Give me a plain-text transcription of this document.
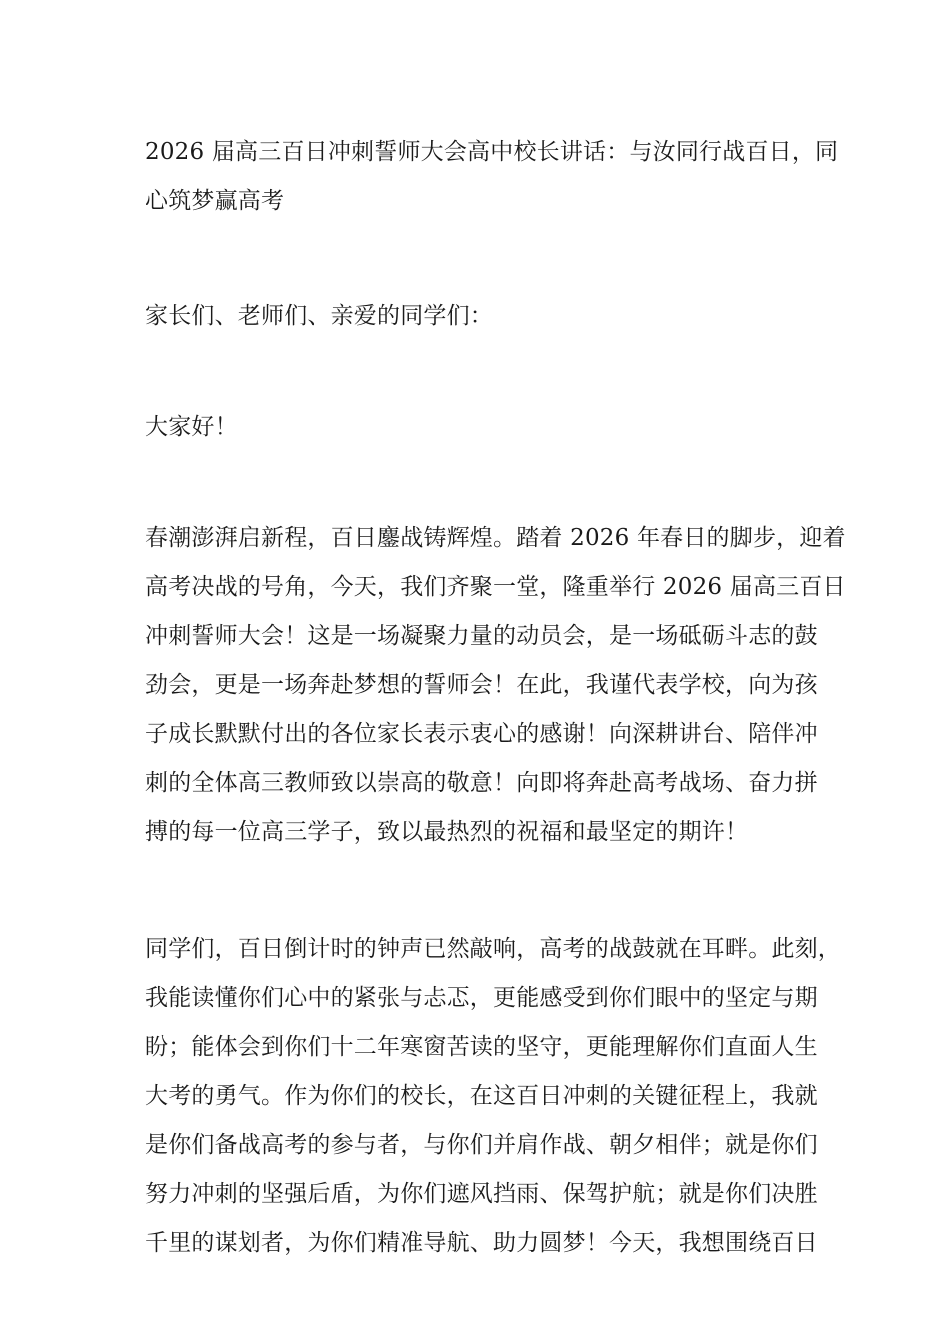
2026 届高三百日冲刺誓师大会高中校长讲话：与汝同行战百日，同
心筑梦赢高考
家长们、老师们、亲爱的同学们：
大家好！
春潮澎湃启新程，百日鏖战铸辉煌。踏着 2026 年春日的脚步，迎着
高考决战的号角，今天，我们齐聚一堂，隆重举行 2026 届高三百日
冲刺誓师大会！这是一场凝聚力量的动员会，是一场砥砺斗志的鼓
劲会，更是一场奔赴梦想的誓师会！在此，我谨代表学校，向为孩
子成长默默付出的各位家长表示衷心的感谢！向深耕讲台、陪伴冲
刺的全体高三教师致以崇高的敬意！向即将奔赴高考战场、奋力拼
搏的每一位高三学子，致以最热烈的祝福和最坚定的期许！
同学们，百日倒计时的钟声已然敲响，高考的战鼓就在耳畔。此刻，
我能读懂你们心中的紧张与忐忑，更能感受到你们眼中的坚定与期
盼；能体会到你们十二年寒窗苦读的坚守，更能理解你们直面人生
大考的勇气。作为你们的校长，在这百日冲刺的关键征程上，我就
是你们备战高考的参与者，与你们并肩作战、朝夕相伴；就是你们
努力冲刺的坚强后盾，为你们遮风挡雨、保驾护航；就是你们决胜
千里的谋划者，为你们精准导航、助力圆梦！今天，我想围绕百日
